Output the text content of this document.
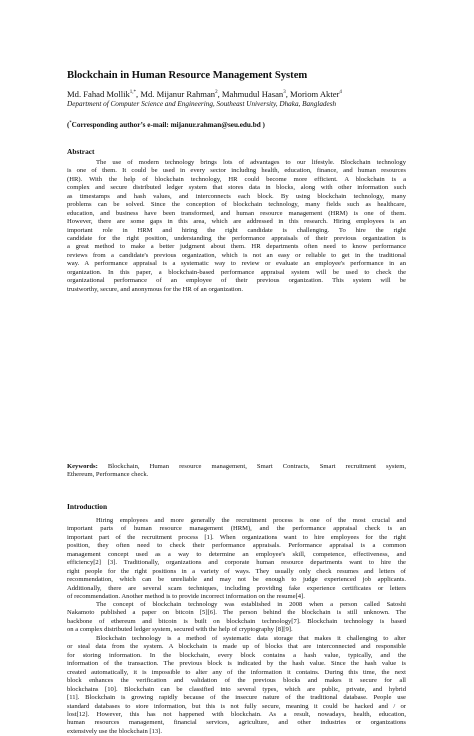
Blockchain in Human Resource Management System
Md. Fahad Mollik$^{1,*}$, Md. Mijanur Rahman$^2$, Mahmudul Hasan$^3$, Moriom Akter$^4$
Department of Computer Science and Engineering, Southeast University, Dhaka, Bangladesh
(*Corresponding author’s e-mail: mijanur.rahman@seu.edu.bd )
Abstract
The use of modern technology brings lots of advantages to our lifestyle. Blockchain technology
is one of them. It could be used in every sector including health, education, finance, and human resources
(HR). With the help of blockchain technology, HR could become more efficient. A blockchain is a
complex and secure distributed ledger system that stores data in blocks, along with other information such
as timestamps and hash values, and interconnects each block. By using blockchain technology, many
problems can be solved. Since the conception of blockchain technology, many fields such as healthcare,
education, and business have been transformed, and human resource management (HRM) is one of them.
However, there are some gaps in this area, which are addressed in this research. Hiring employees is an
important role in HRM and hiring the right candidate is challenging. To hire the right
candidate for the right position, understanding the performance appraisals of their previous organization is
a great method to make a better judgment about them. HR departments often need to know performance
reviews from a candidate's previous organization, which is not an easy or reliable to get in the traditional
way. A performance appraisal is a systematic way to review or evaluate an employee's performance in an
organization. In this paper, a blockchain-based performance appraisal system will be used to check the
organizational performance of an employee of their previous organization. This system will be
trustworthy, secure, and anonymous for the HR of an organization.
Keywords: Blockchain, Human resource management, Smart Contracts, Smart recruitment system,
Ethereum, Performance check.
Introduction
Hiring employees and more generally the recruitment process is one of the most crucial and
important parts of human resource management (HRM), and the performance appraisal check is an
important part of the recruitment process [1]. When organizations want to hire employees for the right
position, they often need to check their performance appraisals. Performance appraisal is a common
management concept used as a way to determine an employee's skill, competence, effectiveness, and
efficiency[2] [3]. Traditionally, organizations and corporate human resource departments want to hire the
right people for the right positions in a variety of ways. They usually only check resumes and letters of
recommendation, which can be unreliable and may not be enough to judge experienced job applicants.
Additionally, there are several scam techniques, including providing fake experience certificates or letters
of recommendation. Another method is to provide incorrect information on the resume[4].
The concept of blockchain technology was established in 2008 when a person called Satoshi
Nakamoto published a paper on bitcoin [5][6]. The person behind the blockchain is still unknown. The
backbone of ethereum and bitcoin is built on blockchain technology[7]. Blockchain technology is based
on a complex distributed ledger system, secured with the help of cryptography [8][9].
Blockchain technology is a method of systematic data storage that makes it challenging to alter
or steal data from the system. A blockchain is made up of blocks that are interconnected and responsible
for storing information. In the blockchain, every block contains a hash value, typically, and the
information of the transaction. The previous block is indicated by the hash value. Since the hash value is
created automatically, it is impossible to alter any of the information it contains. During this time, the next
block enhances the verification and validation of the previous blocks and makes it secure for all
blockchains [10]. Blockchain can be classified into several types, which are public, private, and hybrid
[11]. Blockchain is growing rapidly because of the insecure nature of the traditional database. People use
standard databases to store information, but this is not fully secure, meaning it could be hacked and / or
lost[12]. However, this has not happened with blockchain. As a result, nowadays, health, education,
human resources management, financial services, agriculture, and other industries or organizations
extensively use the blockchain [13].
